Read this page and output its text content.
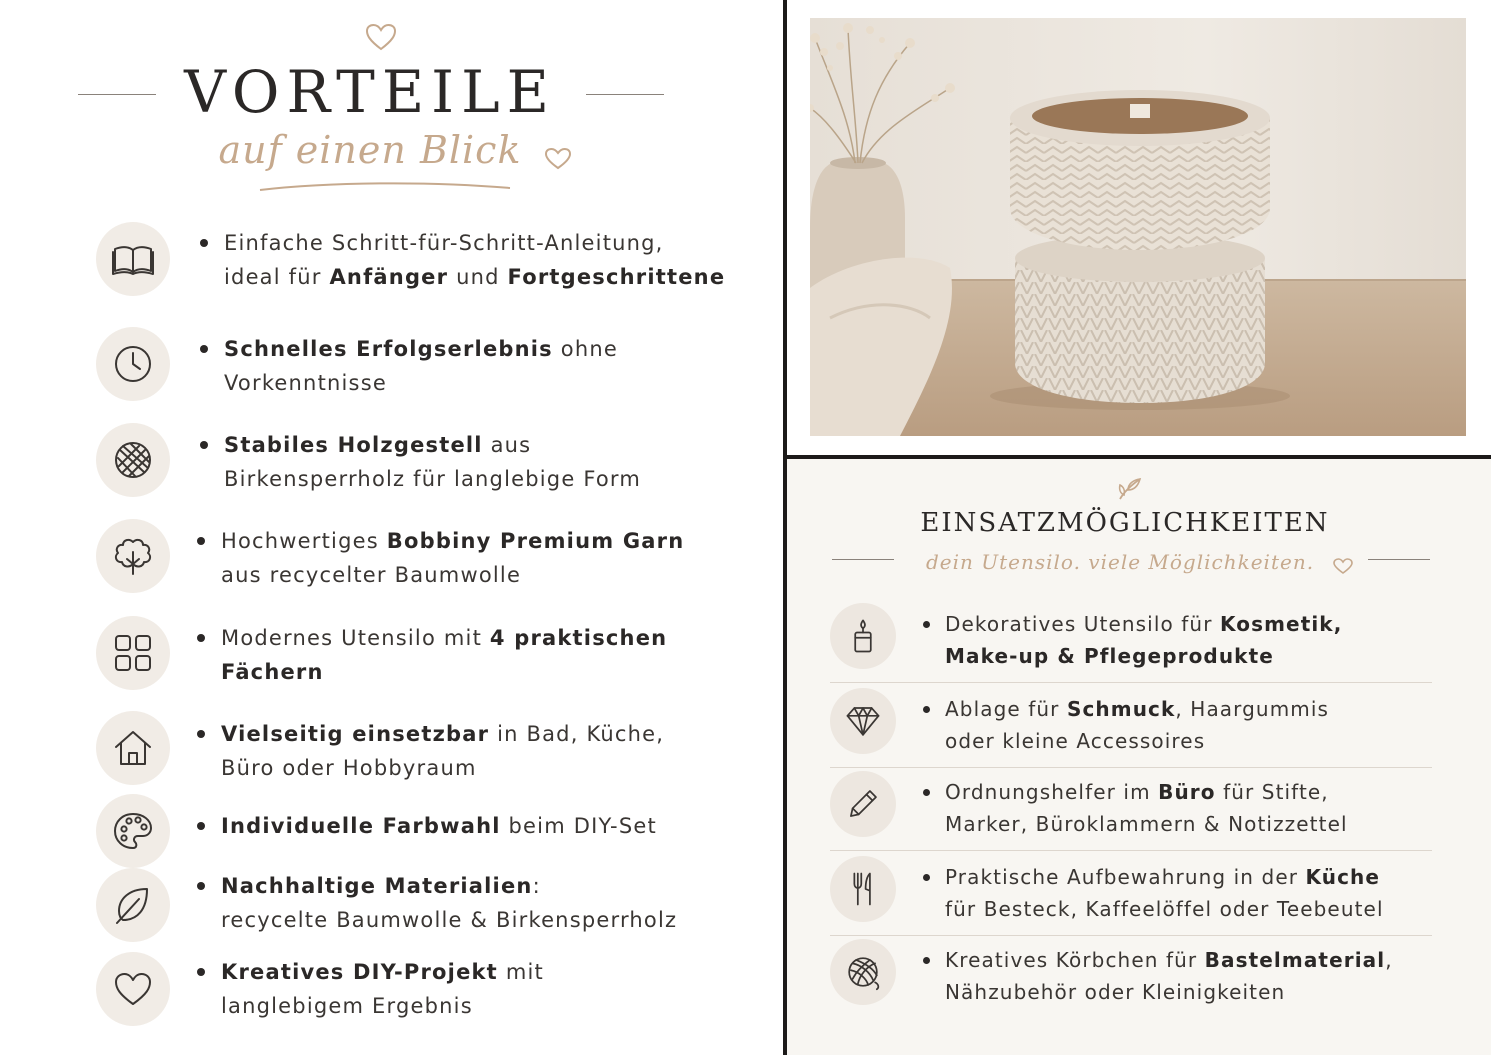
VORTEILE
auf einen Blick
Einfache Schritt-für-Schritt-Anleitung,
ideal für Anfänger und Fortgeschrittene
Schnelles Erfolgserlebnis ohne
Vorkenntnisse
Stabiles Holzgestell aus
Birkensperrholz für langlebige Form
Hochwertiges Bobbiny Premium Garn
aus recycelter Baumwolle
Modernes Utensilo mit 4 praktischen
Fächern
Vielseitig einsetzbar in Bad, Küche,
Büro oder Hobbyraum
Individuelle Farbwahl beim DIY-Set
Nachhaltige Materialien:
recycelte Baumwolle & Birkensperrholz
Kreatives DIY-Projekt mit
langlebigem Ergebnis
EINSATZMÖGLICHKEITEN
dein Utensilo. viele Möglichkeiten.
Dekoratives Utensilo für Kosmetik,
Make-up & Pflegeprodukte
Ablage für Schmuck, Haargummis
oder kleine Accessoires
Ordnungshelfer im Büro für Stifte,
Marker, Büroklammern & Notizzettel
Praktische Aufbewahrung in der Küche
für Besteck, Kaffeelöffel oder Teebeutel
Kreatives Körbchen für Bastelmaterial,
Nähzubehör oder Kleinigkeiten
